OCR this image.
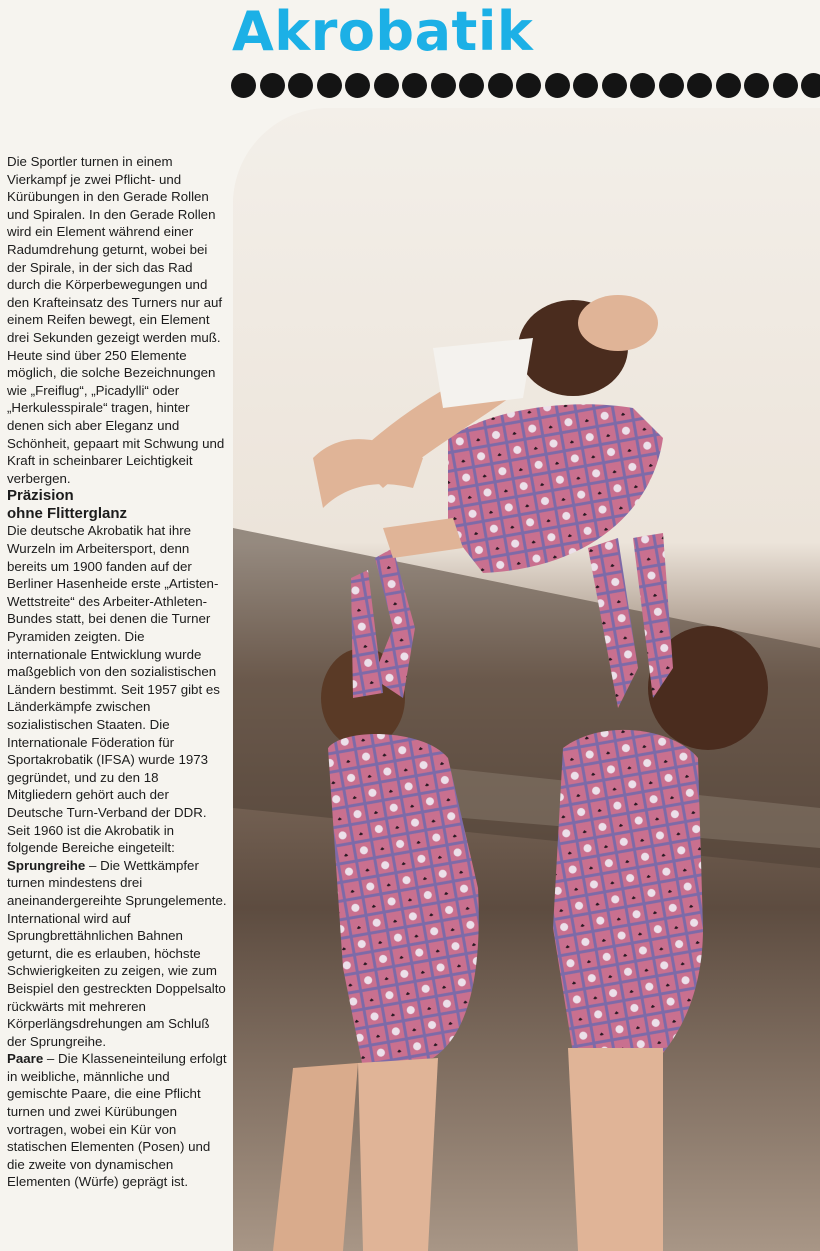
Akrobatik

Die Sportler turnen in einem Vierkampf je zwei Pflicht- und Kürübungen in den Gerade Rollen und Spiralen. In den Gerade Rollen wird ein Element während einer Radumdrehung geturnt, wobei bei der Spirale, in der sich das Rad durch die Körperbewegungen und den Krafteinsatz des Turners nur auf einem Reifen bewegt, ein Element drei Sekunden gezeigt werden muß. Heute sind über 250 Elemente möglich, die solche Bezeichnungen wie „Freiflug“, „Picadylli“ oder „Herkulesspirale“ tragen, hinter denen sich aber Eleganz und Schönheit, gepaart mit Schwung und Kraft in scheinbarer Leichtigkeit verbergen.

Präzision
ohne Flitterglanz

Die deutsche Akrobatik hat ihre Wurzeln im Arbeitersport, denn bereits um 1900 fanden auf der Berliner Hasenheide erste „Artisten-Wettstreite“ des Arbeiter-Athleten-Bundes statt, bei denen die Turner Pyramiden zeigten. Die internationale Entwicklung wurde maßgeblich von den sozialistischen Ländern bestimmt. Seit 1957 gibt es Länderkämpfe zwischen sozialistischen Staaten. Die Internationale Föderation für Sportakrobatik (IFSA) wurde 1973 gegründet, und zu den 18 Mitgliedern gehört auch der Deutsche Turn-Verband der DDR.

Seit 1960 ist die Akrobatik in folgende Bereiche eingeteilt:

Sprungreihe – Die Wettkämpfer turnen mindestens drei aneinandergereihte Sprungelemente. International wird auf Sprungbrettähnlichen Bahnen geturnt, die es erlauben, höchste Schwierigkeiten zu zeigen, wie zum Beispiel den gestreckten Doppelsalto rückwärts mit mehreren Körperlängsdrehungen am Schluß der Sprungreihe.

Paare – Die Klasseneinteilung erfolgt in weibliche, männliche und gemischte Paare, die eine Pflicht turnen und zwei Kürübungen vortragen, wobei ein Kür von statischen Elementen (Posen) und die zweite von dynamischen Elementen (Würfe) geprägt ist.
